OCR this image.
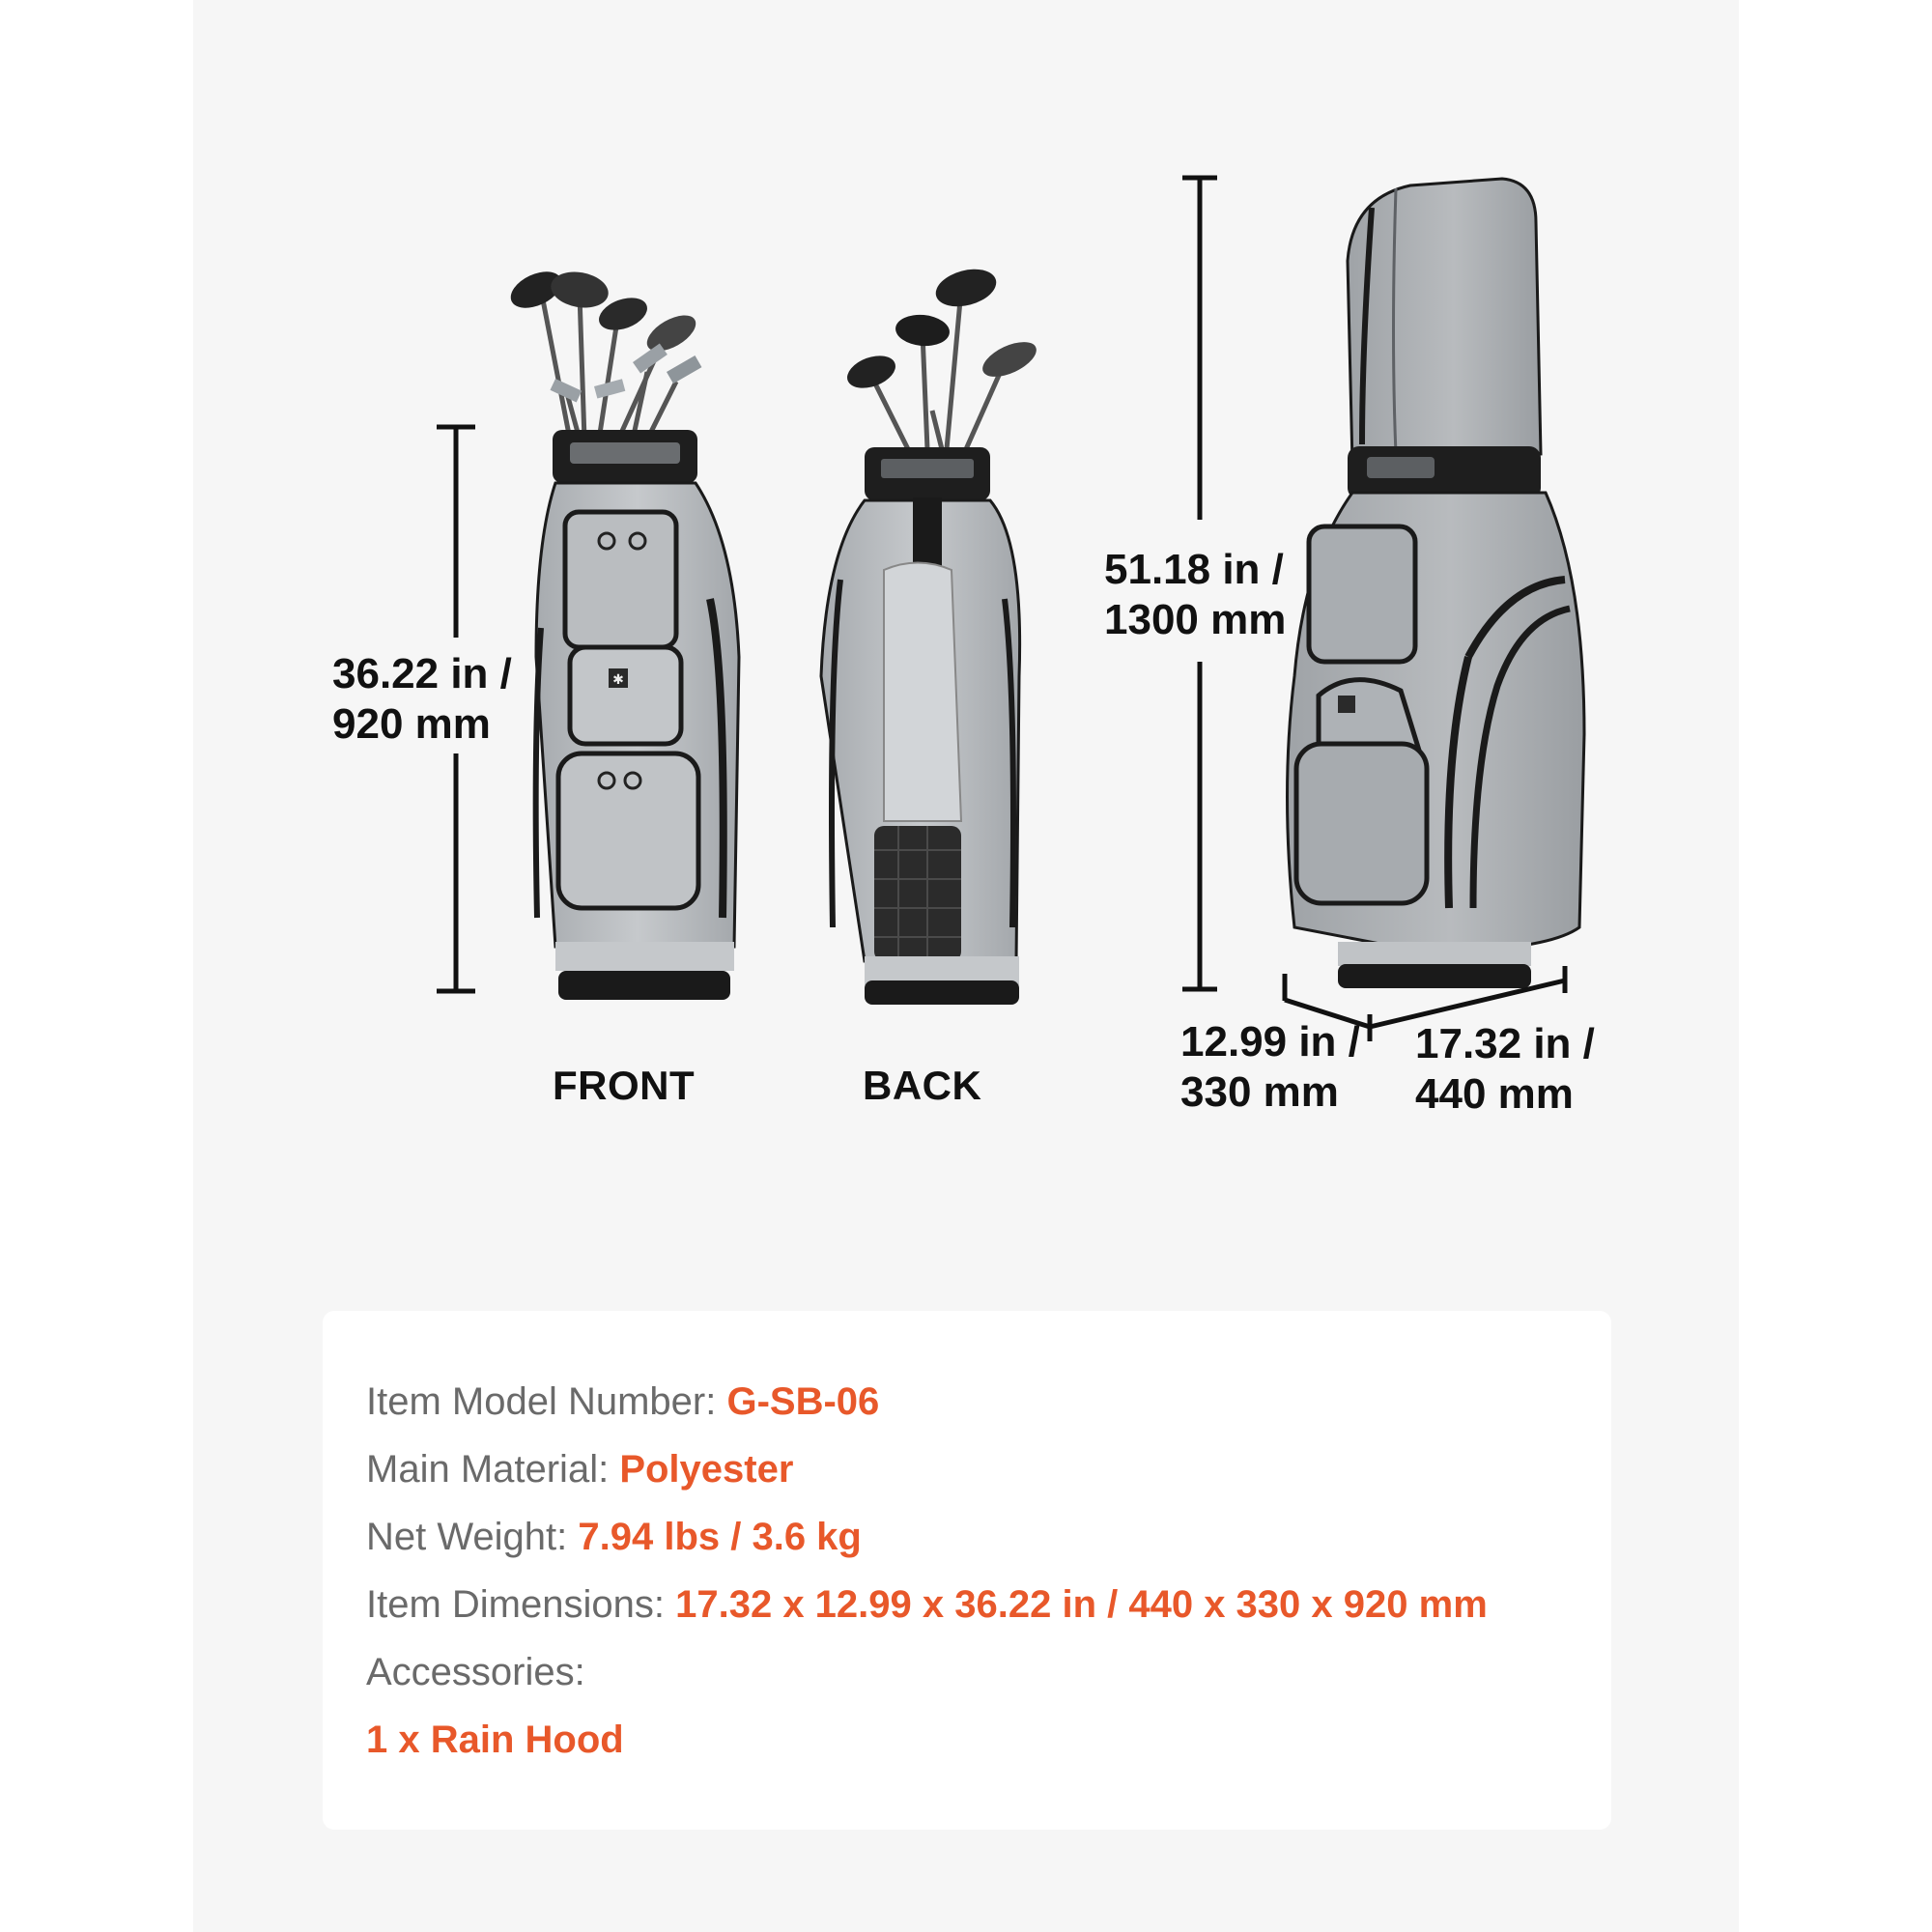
✱
36.22 in /
920 mm
51.18 in /
1300 mm
12.99 in /
330 mm
17.32 in /
440 mm
FRONT	BACK
Item Model Number: G-SB-06
Main Material: Polyester
Net Weight: 7.94 lbs / 3.6 kg
Item Dimensions: 17.32 x 12.99 x 36.22 in / 440 x 330 x 920 mm
Accessories:
1 x Rain Hood
